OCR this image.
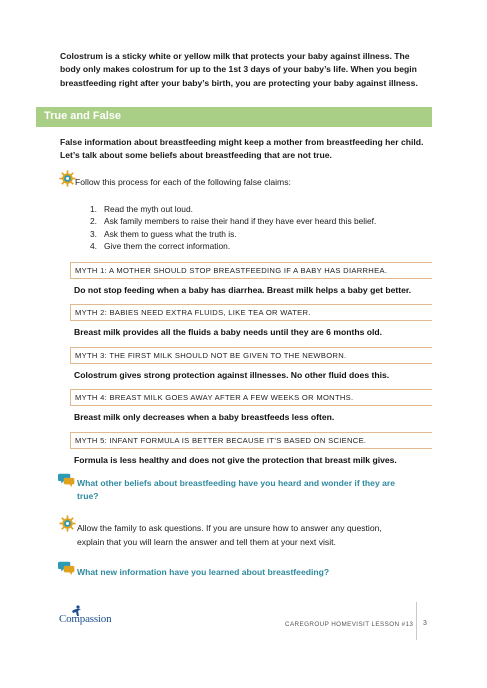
Colostrum is a sticky white or yellow milk that protects your baby against illness. The body only makes colostrum for up to the 1st 3 days of your baby’s life. When you begin breastfeeding right after your baby’s birth, you are protecting your baby against illness.
True and False
False information about breastfeeding might keep a mother from breastfeeding her child. Let’s talk about some beliefs about breastfeeding that are not true.
Follow this process for each of the following false claims:
1. Read the myth out loud.
2. Ask family members to raise their hand if they have ever heard this belief.
3. Ask them to guess what the truth is.
4. Give them the correct information.
MYTH 1: A MOTHER SHOULD STOP BREASTFEEDING IF A BABY HAS DIARRHEA.
Do not stop feeding when a baby has diarrhea. Breast milk helps a baby get better.
MYTH 2: BABIES NEED EXTRA FLUIDS, LIKE TEA OR WATER.
Breast milk provides all the fluids a baby needs until they are 6 months old.
MYTH 3: THE FIRST MILK SHOULD NOT BE GIVEN TO THE NEWBORN.
Colostrum gives strong protection against illnesses. No other fluid does this.
MYTH 4: BREAST MILK GOES AWAY AFTER A FEW WEEKS OR MONTHS.
Breast milk only decreases when a baby breastfeeds less often.
MYTH 5: INFANT FORMULA IS BETTER BECAUSE IT’S BASED ON SCIENCE.
Formula is less healthy and does not give the protection that breast milk gives.
What other beliefs about breastfeeding have you heard and wonder if they are true?
Allow the family to ask questions. If you are unsure how to answer any question, explain that you will learn the answer and tell them at your next visit.
What new information have you learned about breastfeeding?
Compassion	CAREGROUP HOMEVISIT LESSON #13 3
